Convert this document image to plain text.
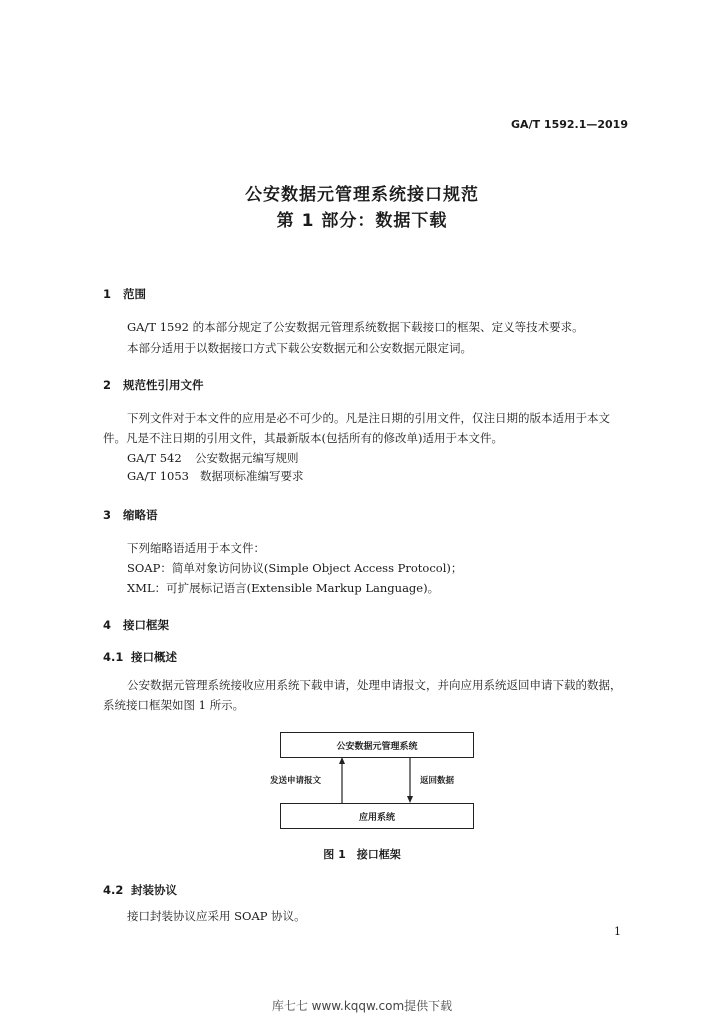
GA/T 1592.1—2019
公安数据元管理系统接口规范
第 1 部分：数据下载
1 范围
GA/T 1592 的本部分规定了公安数据元管理系统数据下载接口的框架、定义等技术要求。
本部分适用于以数据接口方式下载公安数据元和公安数据元限定词。
2 规范性引用文件
下列文件对于本文件的应用是必不可少的。凡是注日期的引用文件，仅注日期的版本适用于本文
件。凡是不注日期的引用文件，其最新版本(包括所有的修改单)适用于本文件。
GA/T 542 公安数据元编写规则
GA/T 1053 数据项标准编写要求
3 缩略语
下列缩略语适用于本文件：
SOAP：简单对象访问协议(Simple Object Access Protocol)；
XML：可扩展标记语言(Extensible Markup Language)。
4 接口框架
4.1 接口概述
公安数据元管理系统接收应用系统下载申请，处理申请报文，并向应用系统返回申请下载的数据，
系统接口框架如图 1 所示。
公安数据元管理系统
应用系统
发送申请报文	返回数据
图 1　接口框架
4.2 封装协议
接口封装协议应采用 SOAP 协议。
1
库七七 www.kqqw.com提供下载
